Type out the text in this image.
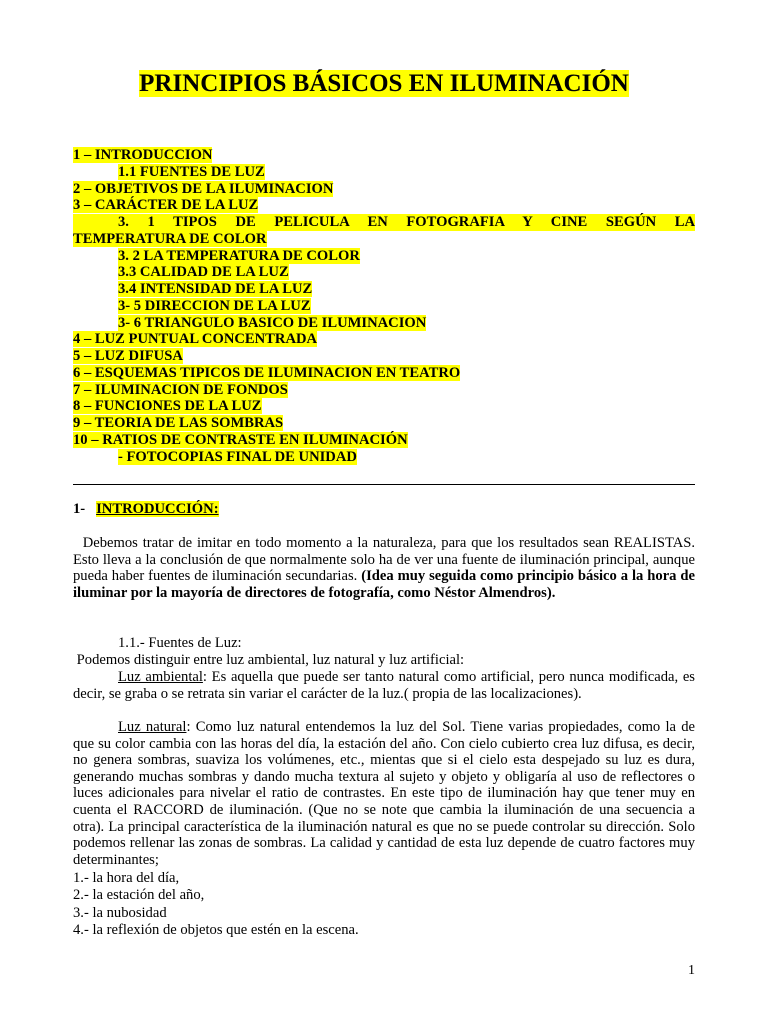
PRINCIPIOS BÁSICOS EN ILUMINACIÓN
1 – INTRODUCCION
1.1 FUENTES DE LUZ
2 – OBJETIVOS DE LA ILUMINACION
3 – CARÁCTER DE LA LUZ
3. 1 TIPOS DE PELICULA EN FOTOGRAFIA Y CINE SEGÚN LA
TEMPERATURA DE COLOR
3. 2 LA TEMPERATURA DE COLOR
3.3 CALIDAD DE LA LUZ
3.4 INTENSIDAD DE LA LUZ
3- 5 DIRECCION DE LA LUZ
3- 6 TRIANGULO BASICO DE ILUMINACION
4 – LUZ PUNTUAL CONCENTRADA
5 – LUZ DIFUSA
6 – ESQUEMAS TIPICOS DE ILUMINACION EN TEATRO
7 – ILUMINACION DE FONDOS
8 – FUNCIONES DE LA LUZ
9 – TEORIA DE LAS SOMBRAS
10 – RATIOS DE CONTRASTE EN ILUMINACIÓN
- FOTOCOPIAS FINAL DE UNIDAD
1- INTRODUCCIÓN:
Debemos tratar de imitar en todo momento a la naturaleza, para que los resultados sean REALISTAS. Esto lleva a la conclusión de que normalmente solo ha de ver una fuente de iluminación principal, aunque pueda haber fuentes de iluminación secundarias. (Idea muy seguida como principio básico a la hora de iluminar por la mayoría de directores de fotografía, como Néstor Almendros).
1.1.- Fuentes de Luz:
Podemos distinguir entre luz ambiental, luz natural y luz artificial:
Luz ambiental: Es aquella que puede ser tanto natural como artificial, pero nunca modificada, es decir, se graba o se retrata sin variar el carácter de la luz.( propia de las localizaciones).
Luz natural: Como luz natural entendemos la luz del Sol. Tiene varias propiedades, como la de que su color cambia con las horas del día, la estación del año. Con cielo cubierto crea luz difusa, es decir, no genera sombras, suaviza los volúmenes, etc., mientas que si el cielo esta despejado su luz es dura, generando muchas sombras y dando mucha textura al sujeto y objeto y obligaría al uso de reflectores o luces adicionales para nivelar el ratio de contrastes. En este tipo de iluminación hay que tener muy en cuenta el RACCORD de iluminación. (Que no se note que cambia la iluminación de una secuencia a otra). La principal característica de la iluminación natural es que no se puede controlar su dirección. Solo podemos rellenar las zonas de sombras. La calidad y cantidad de esta luz depende de cuatro factores muy determinantes;
1.- la hora del día,
2.- la estación del año,
3.- la nubosidad
4.- la reflexión de objetos que estén en la escena.
1
